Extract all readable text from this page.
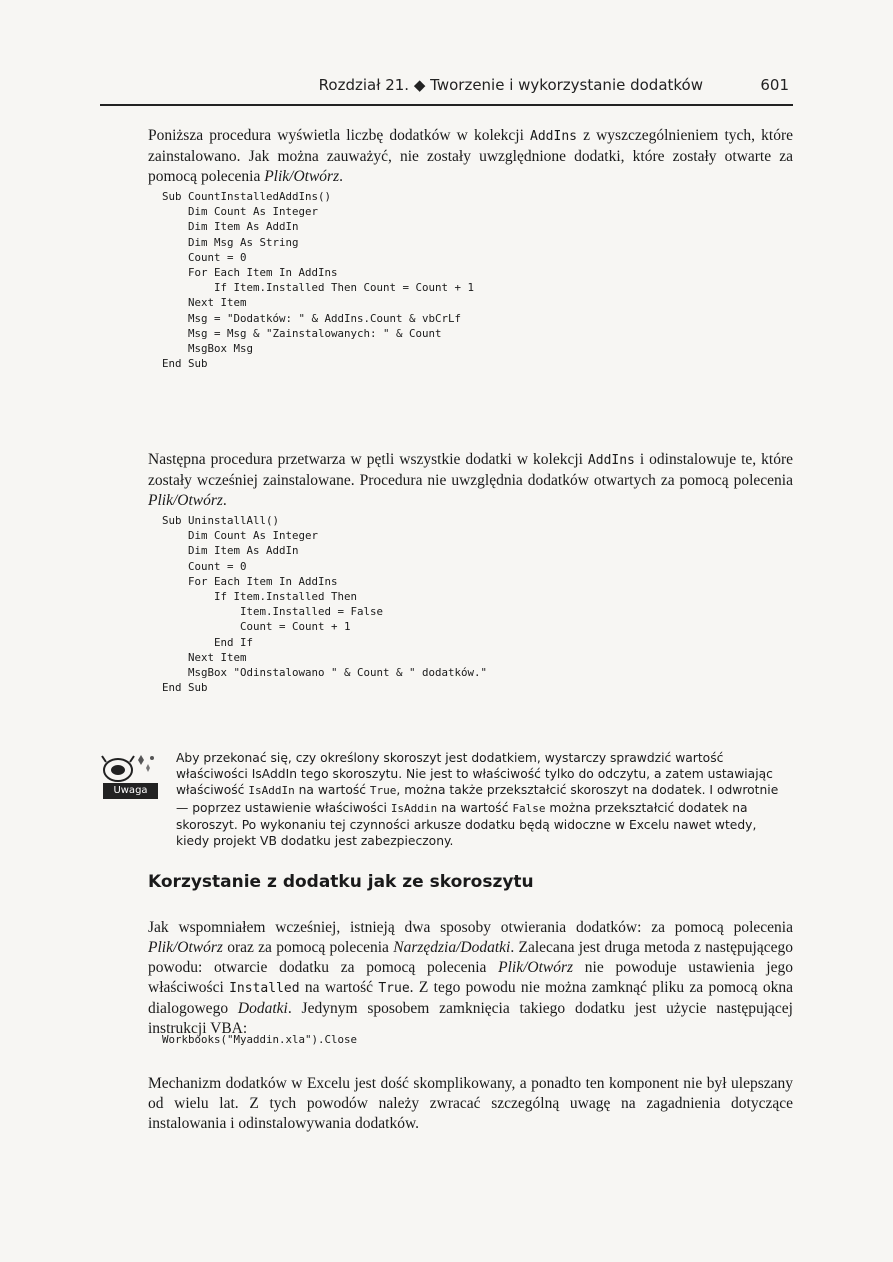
Rozdział 21. ◆ Tworzenie i wykorzystanie dodatków	601

Poniższa procedura wyświetla liczbę dodatków w kolekcji AddIns z wyszczególnieniem tych, które zainstalowano. Jak można zauważyć, nie zostały uwzględnione dodatki, które zostały otwarte za pomocą polecenia Plik/Otwórz.

Sub CountInstalledAddIns()
Dim Count As Integer
Dim Item As AddIn
Dim Msg As String
Count = 0
For Each Item In AddIns
If Item.Installed Then Count = Count + 1
Next Item
Msg = "Dodatków: " & AddIns.Count & vbCrLf
Msg = Msg & "Zainstalowanych: " & Count
MsgBox Msg
End Sub

Następna procedura przetwarza w pętli wszystkie dodatki w kolekcji AddIns i odinstalowuje te, które zostały wcześniej zainstalowane. Procedura nie uwzględnia dodatków otwartych za pomocą polecenia Plik/Otwórz.

Sub UninstallAll()
Dim Count As Integer
Dim Item As AddIn
Count = 0
For Each Item In AddIns
If Item.Installed Then
Item.Installed = False
Count = Count + 1
End If
Next Item
MsgBox "Odinstalowano " & Count & " dodatków."
End Sub
Uwaga

Aby przekonać się, czy określony skoroszyt jest dodatkiem, wystarczy sprawdzić wartość właściwości IsAddIn tego skoroszytu. Nie jest to właściwość tylko do odczytu, a zatem ustawiając właściwość IsAddIn na wartość True, można także przekształcić skoroszyt na dodatek. I odwrotnie — poprzez ustawienie właściwości IsAddin na wartość False można przekształcić dodatek na skoroszyt. Po wykonaniu tej czynności arkusze dodatku będą widoczne w Excelu nawet wtedy, kiedy projekt VB dodatku jest zabezpieczony.

Korzystanie z dodatku jak ze skoroszytu

Jak wspomniałem wcześniej, istnieją dwa sposoby otwierania dodatków: za pomocą polecenia Plik/Otwórz oraz za pomocą polecenia Narzędzia/Dodatki. Zalecana jest druga metoda z następującego powodu: otwarcie dodatku za pomocą polecenia Plik/Otwórz nie powoduje ustawienia jego właściwości Installed na wartość True. Z tego powodu nie można zamknąć pliku za pomocą okna dialogowego Dodatki. Jedynym sposobem zamknięcia takiego dodatku jest użycie następującej instrukcji VBA:

Workbooks("Myaddin.xla").Close

Mechanizm dodatków w Excelu jest dość skomplikowany, a ponadto ten komponent nie był ulepszany od wielu lat. Z tych powodów należy zwracać szczególną uwagę na zagadnienia dotyczące instalowania i odinstalowywania dodatków.
